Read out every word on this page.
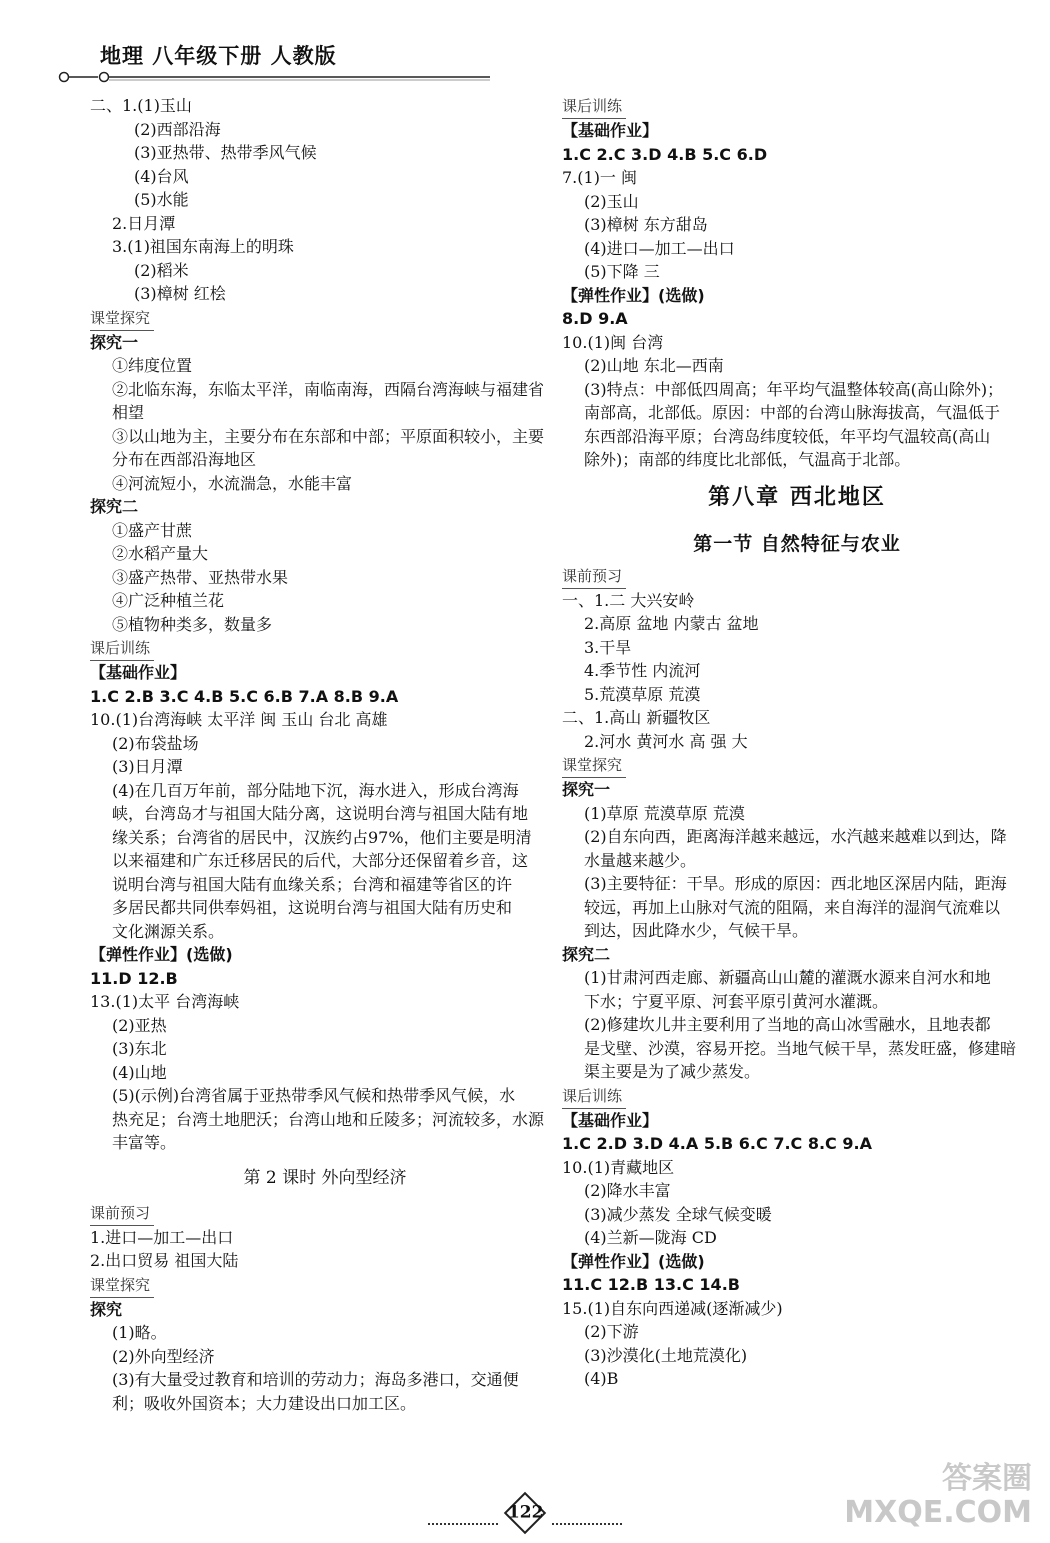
地理 八年级下册 人教版
二、1.(1)玉山
(2)西部沿海
(3)亚热带、热带季风气候
(4)台风
(5)水能
2.日月潭
3.(1)祖国东南海上的明珠
(2)稻米
(3)樟树 红桧
课堂探究
探究一
①纬度位置
②北临东海，东临太平洋，南临南海，西隔台湾海峡与福建省
相望
③以山地为主，主要分布在东部和中部；平原面积较小，主要
分布在西部沿海地区
④河流短小，水流湍急，水能丰富
探究二
①盛产甘蔗
②水稻产量大
③盛产热带、亚热带水果
④广泛种植兰花
⑤植物种类多，数量多
课后训练
【基础作业】
1.C 2.B 3.C 4.B 5.C 6.B 7.A 8.B 9.A
10.(1)台湾海峡 太平洋 闽 玉山 台北 高雄
(2)布袋盐场
(3)日月潭
(4)在几百万年前，部分陆地下沉，海水进入，形成台湾海
峡，台湾岛才与祖国大陆分离，这说明台湾与祖国大陆有地
缘关系；台湾省的居民中，汉族约占97%，他们主要是明清
以来福建和广东迁移居民的后代，大部分还保留着乡音，这
说明台湾与祖国大陆有血缘关系；台湾和福建等省区的许
多居民都共同供奉妈祖，这说明台湾与祖国大陆有历史和
文化渊源关系。
【弹性作业】(选做)
11.D 12.B
13.(1)太平 台湾海峡
(2)亚热
(3)东北
(4)山地
(5)(示例)台湾省属于亚热带季风气候和热带季风气候，水
热充足；台湾土地肥沃；台湾山地和丘陵多；河流较多，水源
丰富等。
第 2 课时 外向型经济
课前预习
1.进口—加工—出口
2.出口贸易 祖国大陆
课堂探究
探究
(1)略。
(2)外向型经济
(3)有大量受过教育和培训的劳动力；海岛多港口，交通便
利；吸收外国资本；大力建设出口加工区。
课后训练
【基础作业】
1.C 2.C 3.D 4.B 5.C 6.D
7.(1)一 闽
(2)玉山
(3)樟树 东方甜岛
(4)进口—加工—出口
(5)下降 三
【弹性作业】(选做)
8.D 9.A
10.(1)闽 台湾
(2)山地 东北—西南
(3)特点：中部低四周高；年平均气温整体较高(高山除外)；
南部高，北部低。原因：中部的台湾山脉海拔高，气温低于
东西部沿海平原；台湾岛纬度较低，年平均气温较高(高山
除外)；南部的纬度比北部低，气温高于北部。
第八章 西北地区
第一节 自然特征与农业
课前预习
一、1.二 大兴安岭
2.高原 盆地 内蒙古 盆地
3.干旱
4.季节性 内流河
5.荒漠草原 荒漠
二、1.高山 新疆牧区
2.河水 黄河水 高 强 大
课堂探究
探究一
(1)草原 荒漠草原 荒漠
(2)自东向西，距离海洋越来越远，水汽越来越难以到达，降
水量越来越少。
(3)主要特征：干旱。形成的原因：西北地区深居内陆，距海
较远，再加上山脉对气流的阻隔，来自海洋的湿润气流难以
到达，因此降水少，气候干旱。
探究二
(1)甘肃河西走廊、新疆高山山麓的灌溉水源来自河水和地
下水；宁夏平原、河套平原引黄河水灌溉。
(2)修建坎儿井主要利用了当地的高山冰雪融水，且地表都
是戈壁、沙漠，容易开挖。当地气候干旱，蒸发旺盛，修建暗
渠主要是为了减少蒸发。
课后训练
【基础作业】
1.C 2.D 3.D 4.A 5.B 6.C 7.C 8.C 9.A
10.(1)青藏地区
(2)降水丰富
(3)减少蒸发 全球气候变暖
(4)兰新—陇海 CD
【弹性作业】(选做)
11.C 12.B 13.C 14.B
15.(1)自东向西递减(逐渐减少)
(2)下游
(3)沙漠化(土地荒漠化)
(4)B

122

答案圈
MXQE.COM
